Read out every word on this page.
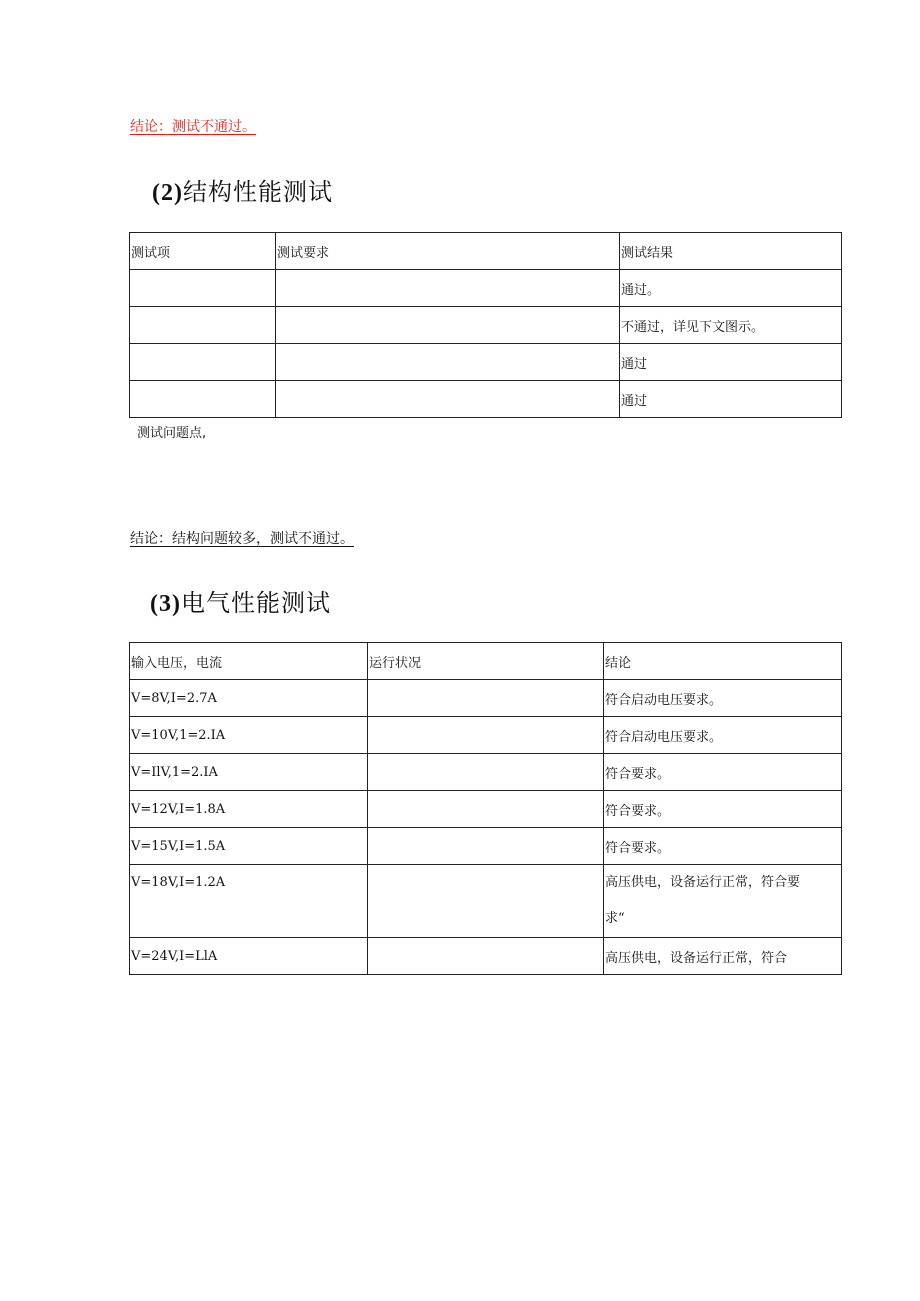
结论：测试不通过。
(2)结构性能测试
测试项	测试要求	测试结果
		通过。
		不通过，详见下文图示。
		通过
		通过
测试问题点,
结论：结构问题较多，测试不通过。
(3)电气性能测试
输入电压，电流	运行状况	结论
V=8V,I=2.7A		符合启动电压要求。
V=10V,1=2.IA		符合启动电压要求。
V=IlV,1=2.IA		符合要求。
V=12V,I=1.8A		符合要求。
V=15V,I=1.5A		符合要求。
V=18V,I=1.2A		高压供电，设备运行正常，符合要求“
V=24V,I=LlA		高压供电，设备运行正常，符合
